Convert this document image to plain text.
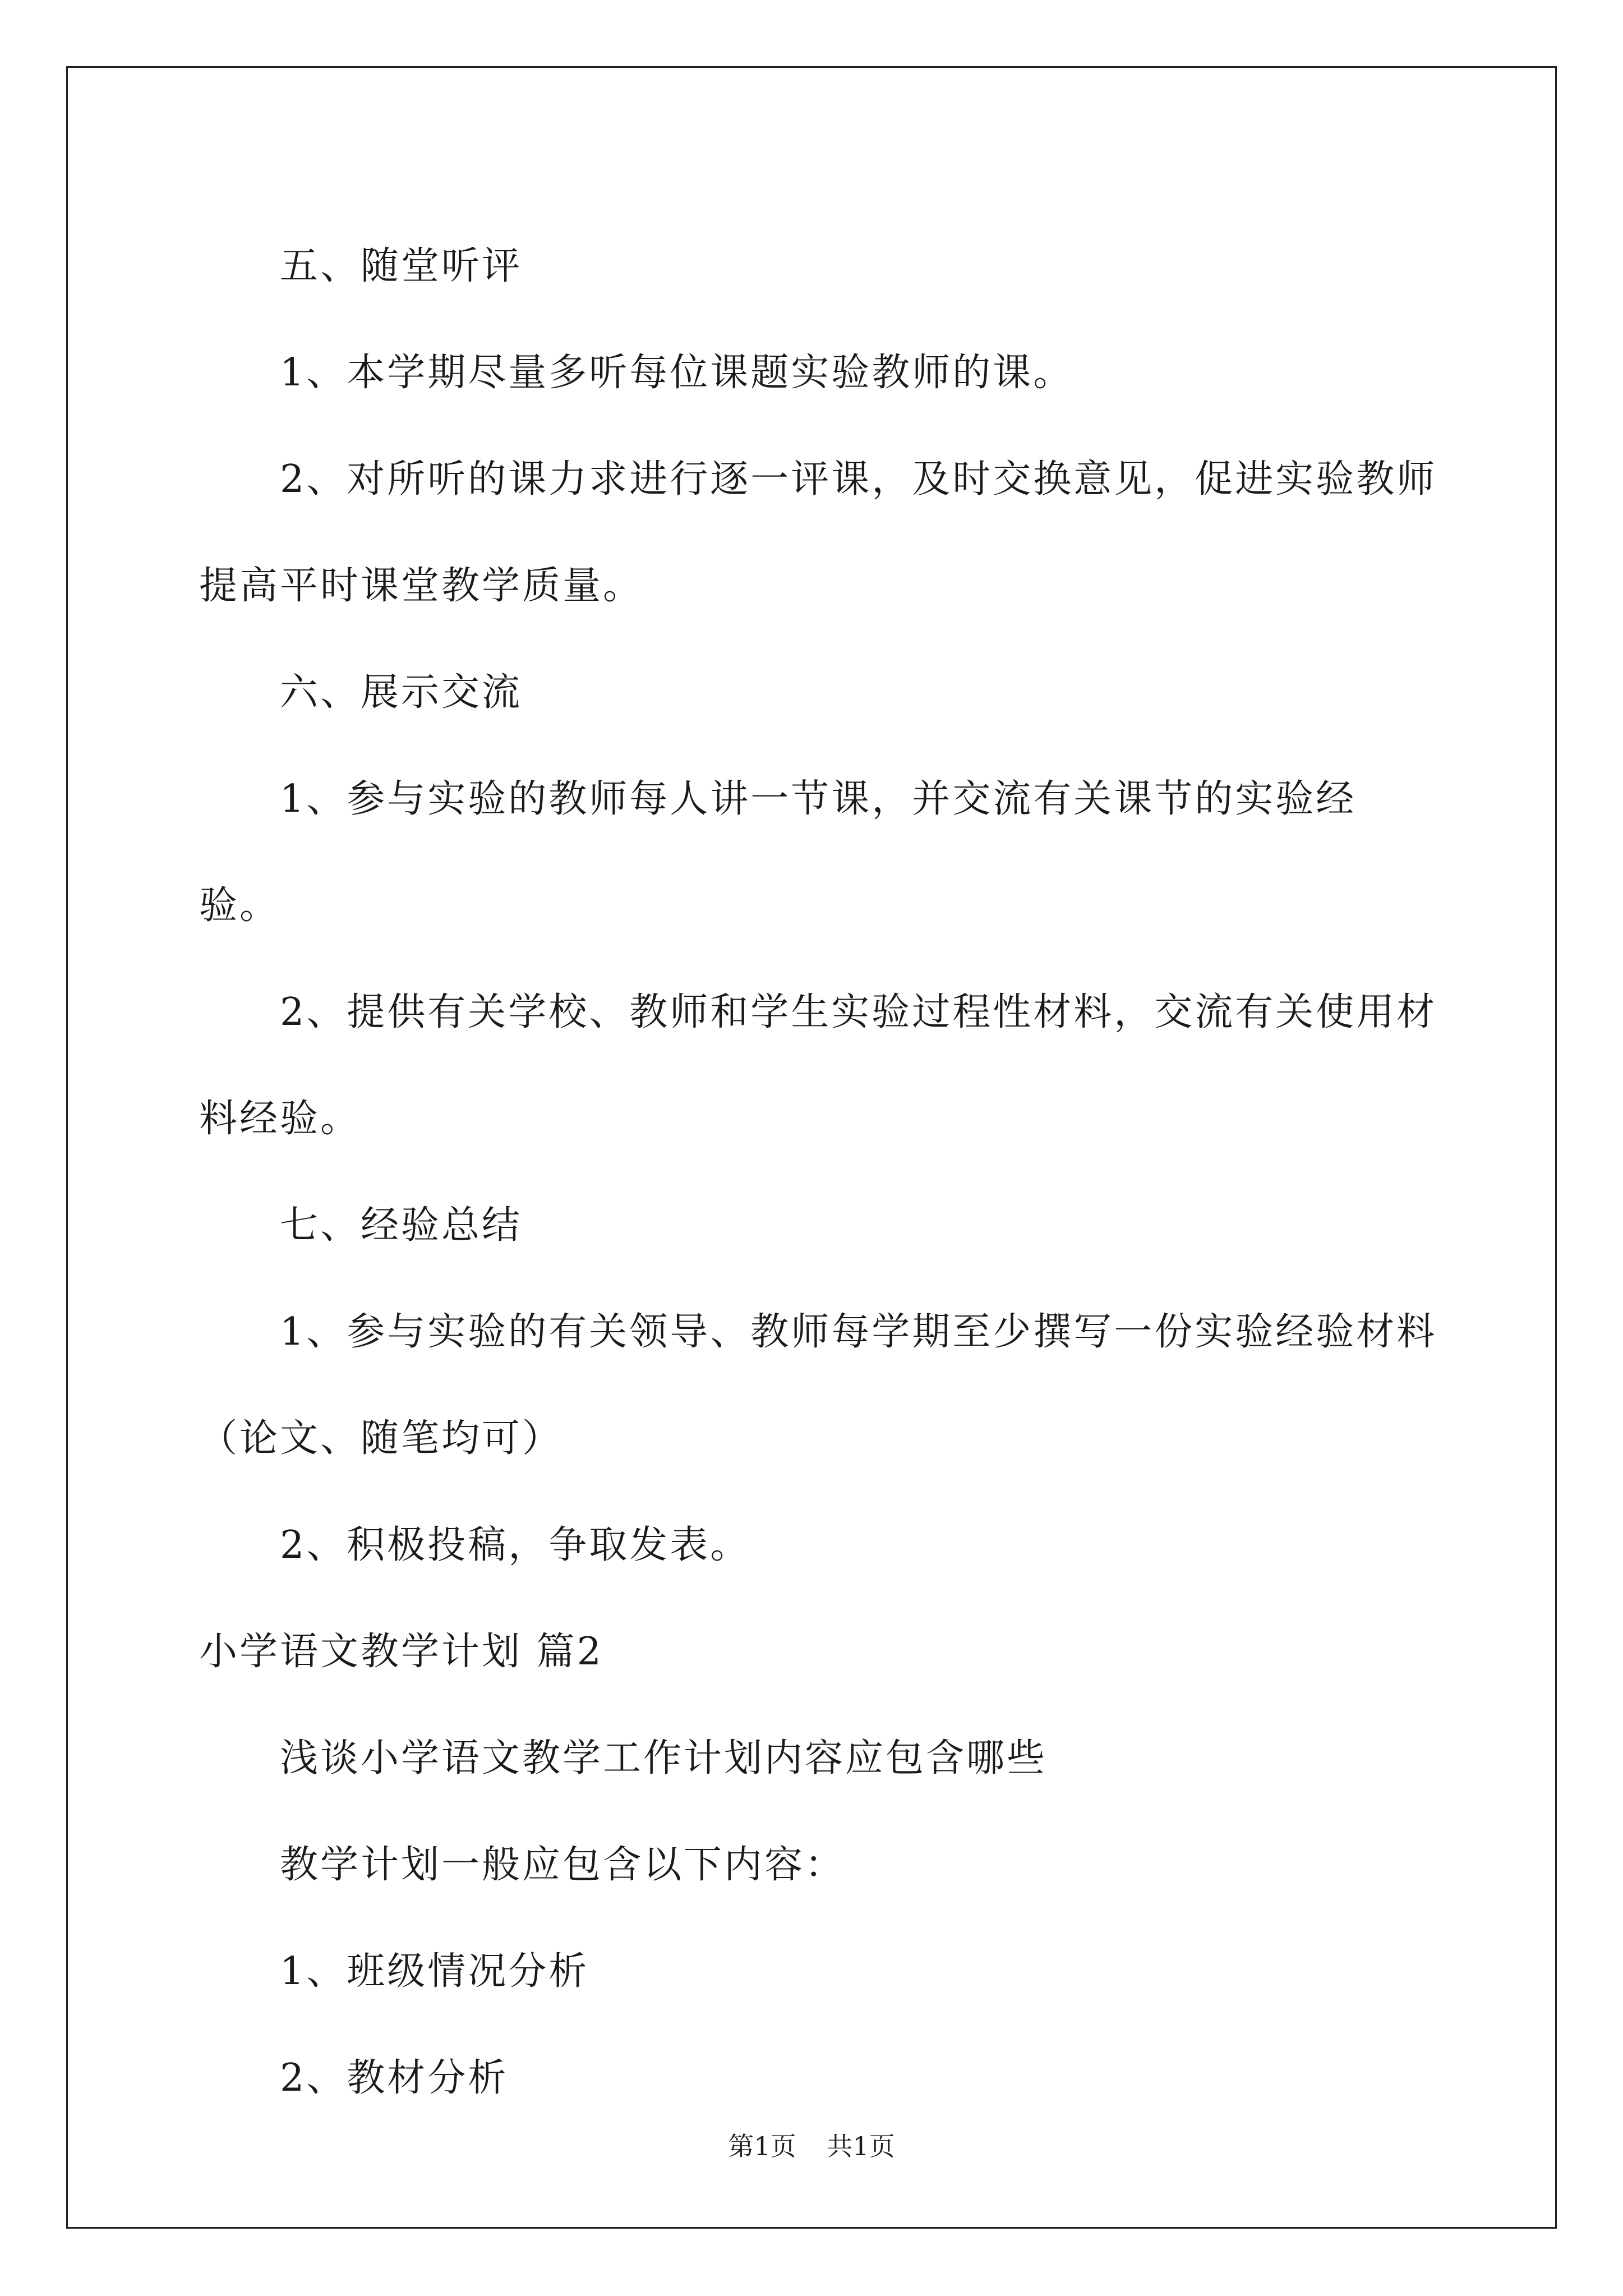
五、随堂听评

1、本学期尽量多听每位课题实验教师的课。

2、对所听的课力求进行逐一评课，及时交换意见，促进实验教师提高平时课堂教学质量。

六、展示交流

1、参与实验的教师每人讲一节课，并交流有关课节的实验经验。

2、提供有关学校、教师和学生实验过程性材料，交流有关使用材料经验。

七、经验总结

1、参与实验的有关领导、教师每学期至少撰写一份实验经验材料（论文、随笔均可）

2、积极投稿，争取发表。

小学语文教学计划 篇2

浅谈小学语文教学工作计划内容应包含哪些

教学计划一般应包含以下内容：

1、班级情况分析

2、教材分析

第1页 共1页
